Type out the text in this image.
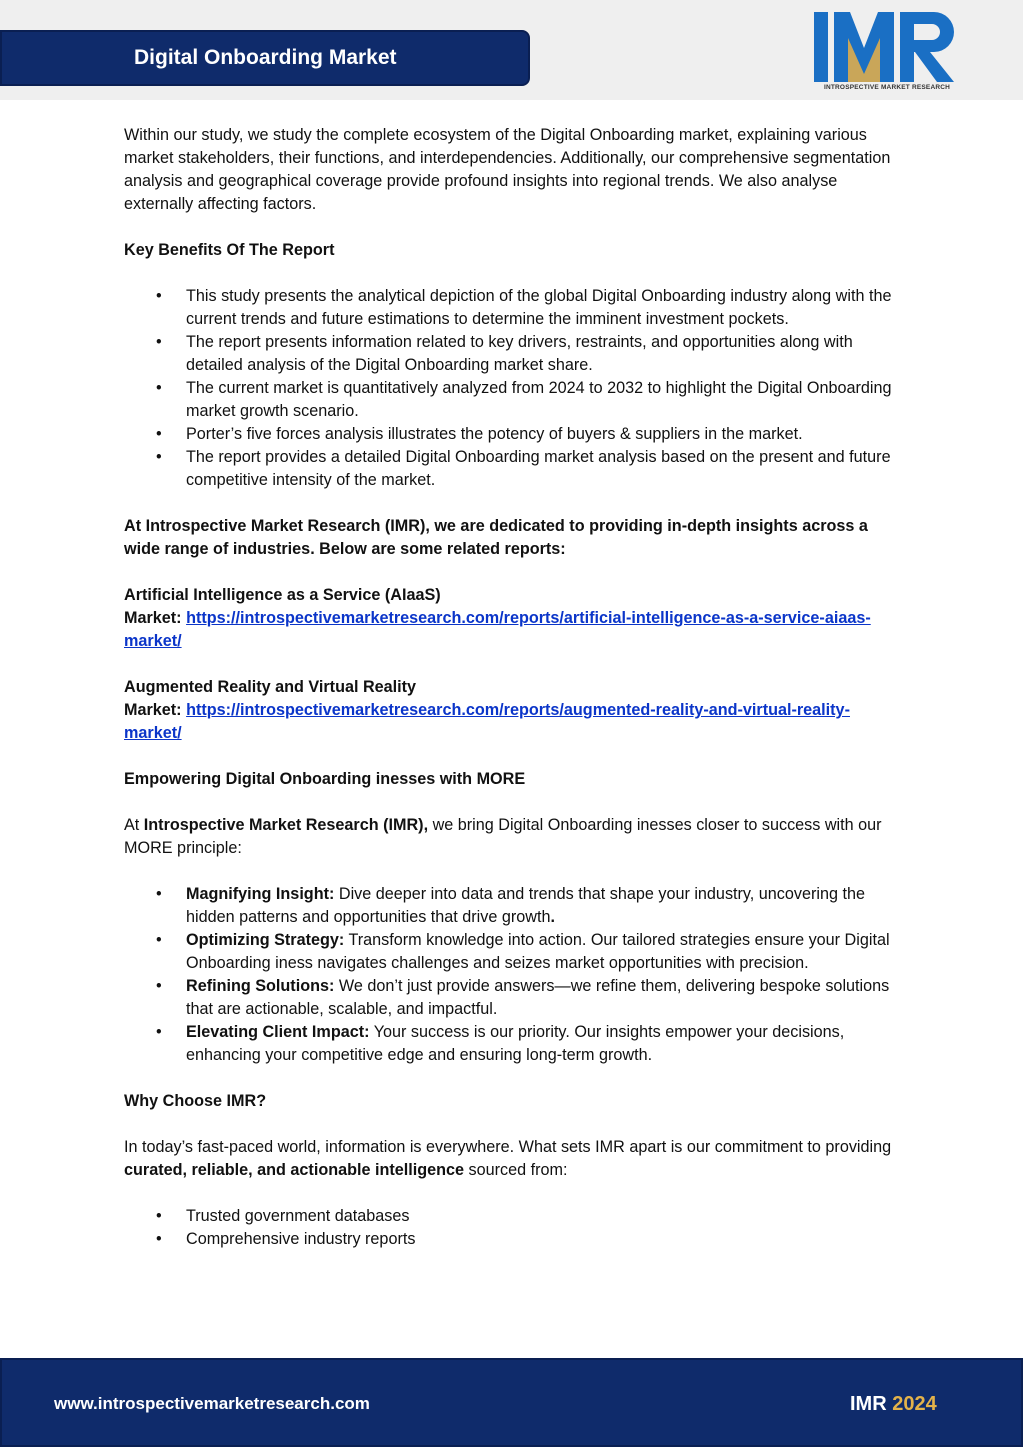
Digital Onboarding Market
INTROSPECTIVE MARKET RESEARCH

Within our study, we study the complete ecosystem of the Digital Onboarding market, explaining various market stakeholders, their functions, and interdependencies. Additionally, our comprehensive segmentation analysis and geographical coverage provide profound insights into regional trends. We also analyse externally affecting factors.

Key Benefits Of The Report

• This study presents the analytical depiction of the global Digital Onboarding industry along with the current trends and future estimations to determine the imminent investment pockets.
• The report presents information related to key drivers, restraints, and opportunities along with detailed analysis of the Digital Onboarding market share.
• The current market is quantitatively analyzed from 2024 to 2032 to highlight the Digital Onboarding market growth scenario.
• Porter’s five forces analysis illustrates the potency of buyers & suppliers in the market.
• The report provides a detailed Digital Onboarding market analysis based on the present and future competitive intensity of the market.

At Introspective Market Research (IMR), we are dedicated to providing in-depth insights across a wide range of industries. Below are some related reports:

Artificial Intelligence as a Service (AIaaS)

Market: https://introspectivemarketresearch.com/reports/artificial-intelligence-as-a-service-aiaas-market/

Augmented Reality and Virtual Reality

Market: https://introspectivemarketresearch.com/reports/augmented-reality-and-virtual-reality-market/

Empowering Digital Onboarding inesses with MORE

At Introspective Market Research (IMR), we bring Digital Onboarding inesses closer to success with our MORE principle:

• Magnifying Insight: Dive deeper into data and trends that shape your industry, uncovering the hidden patterns and opportunities that drive growth.
• Optimizing Strategy: Transform knowledge into action. Our tailored strategies ensure your Digital Onboarding iness navigates challenges and seizes market opportunities with precision.
• Refining Solutions: We don’t just provide answers—we refine them, delivering bespoke solutions that are actionable, scalable, and impactful.
• Elevating Client Impact: Your success is our priority. Our insights empower your decisions, enhancing your competitive edge and ensuring long-term growth.

Why Choose IMR?

In today’s fast-paced world, information is everywhere. What sets IMR apart is our commitment to providing curated, reliable, and actionable intelligence sourced from:

• Trusted government databases
• Comprehensive industry reports
www.introspectivemarketresearch.com	IMR 2024
